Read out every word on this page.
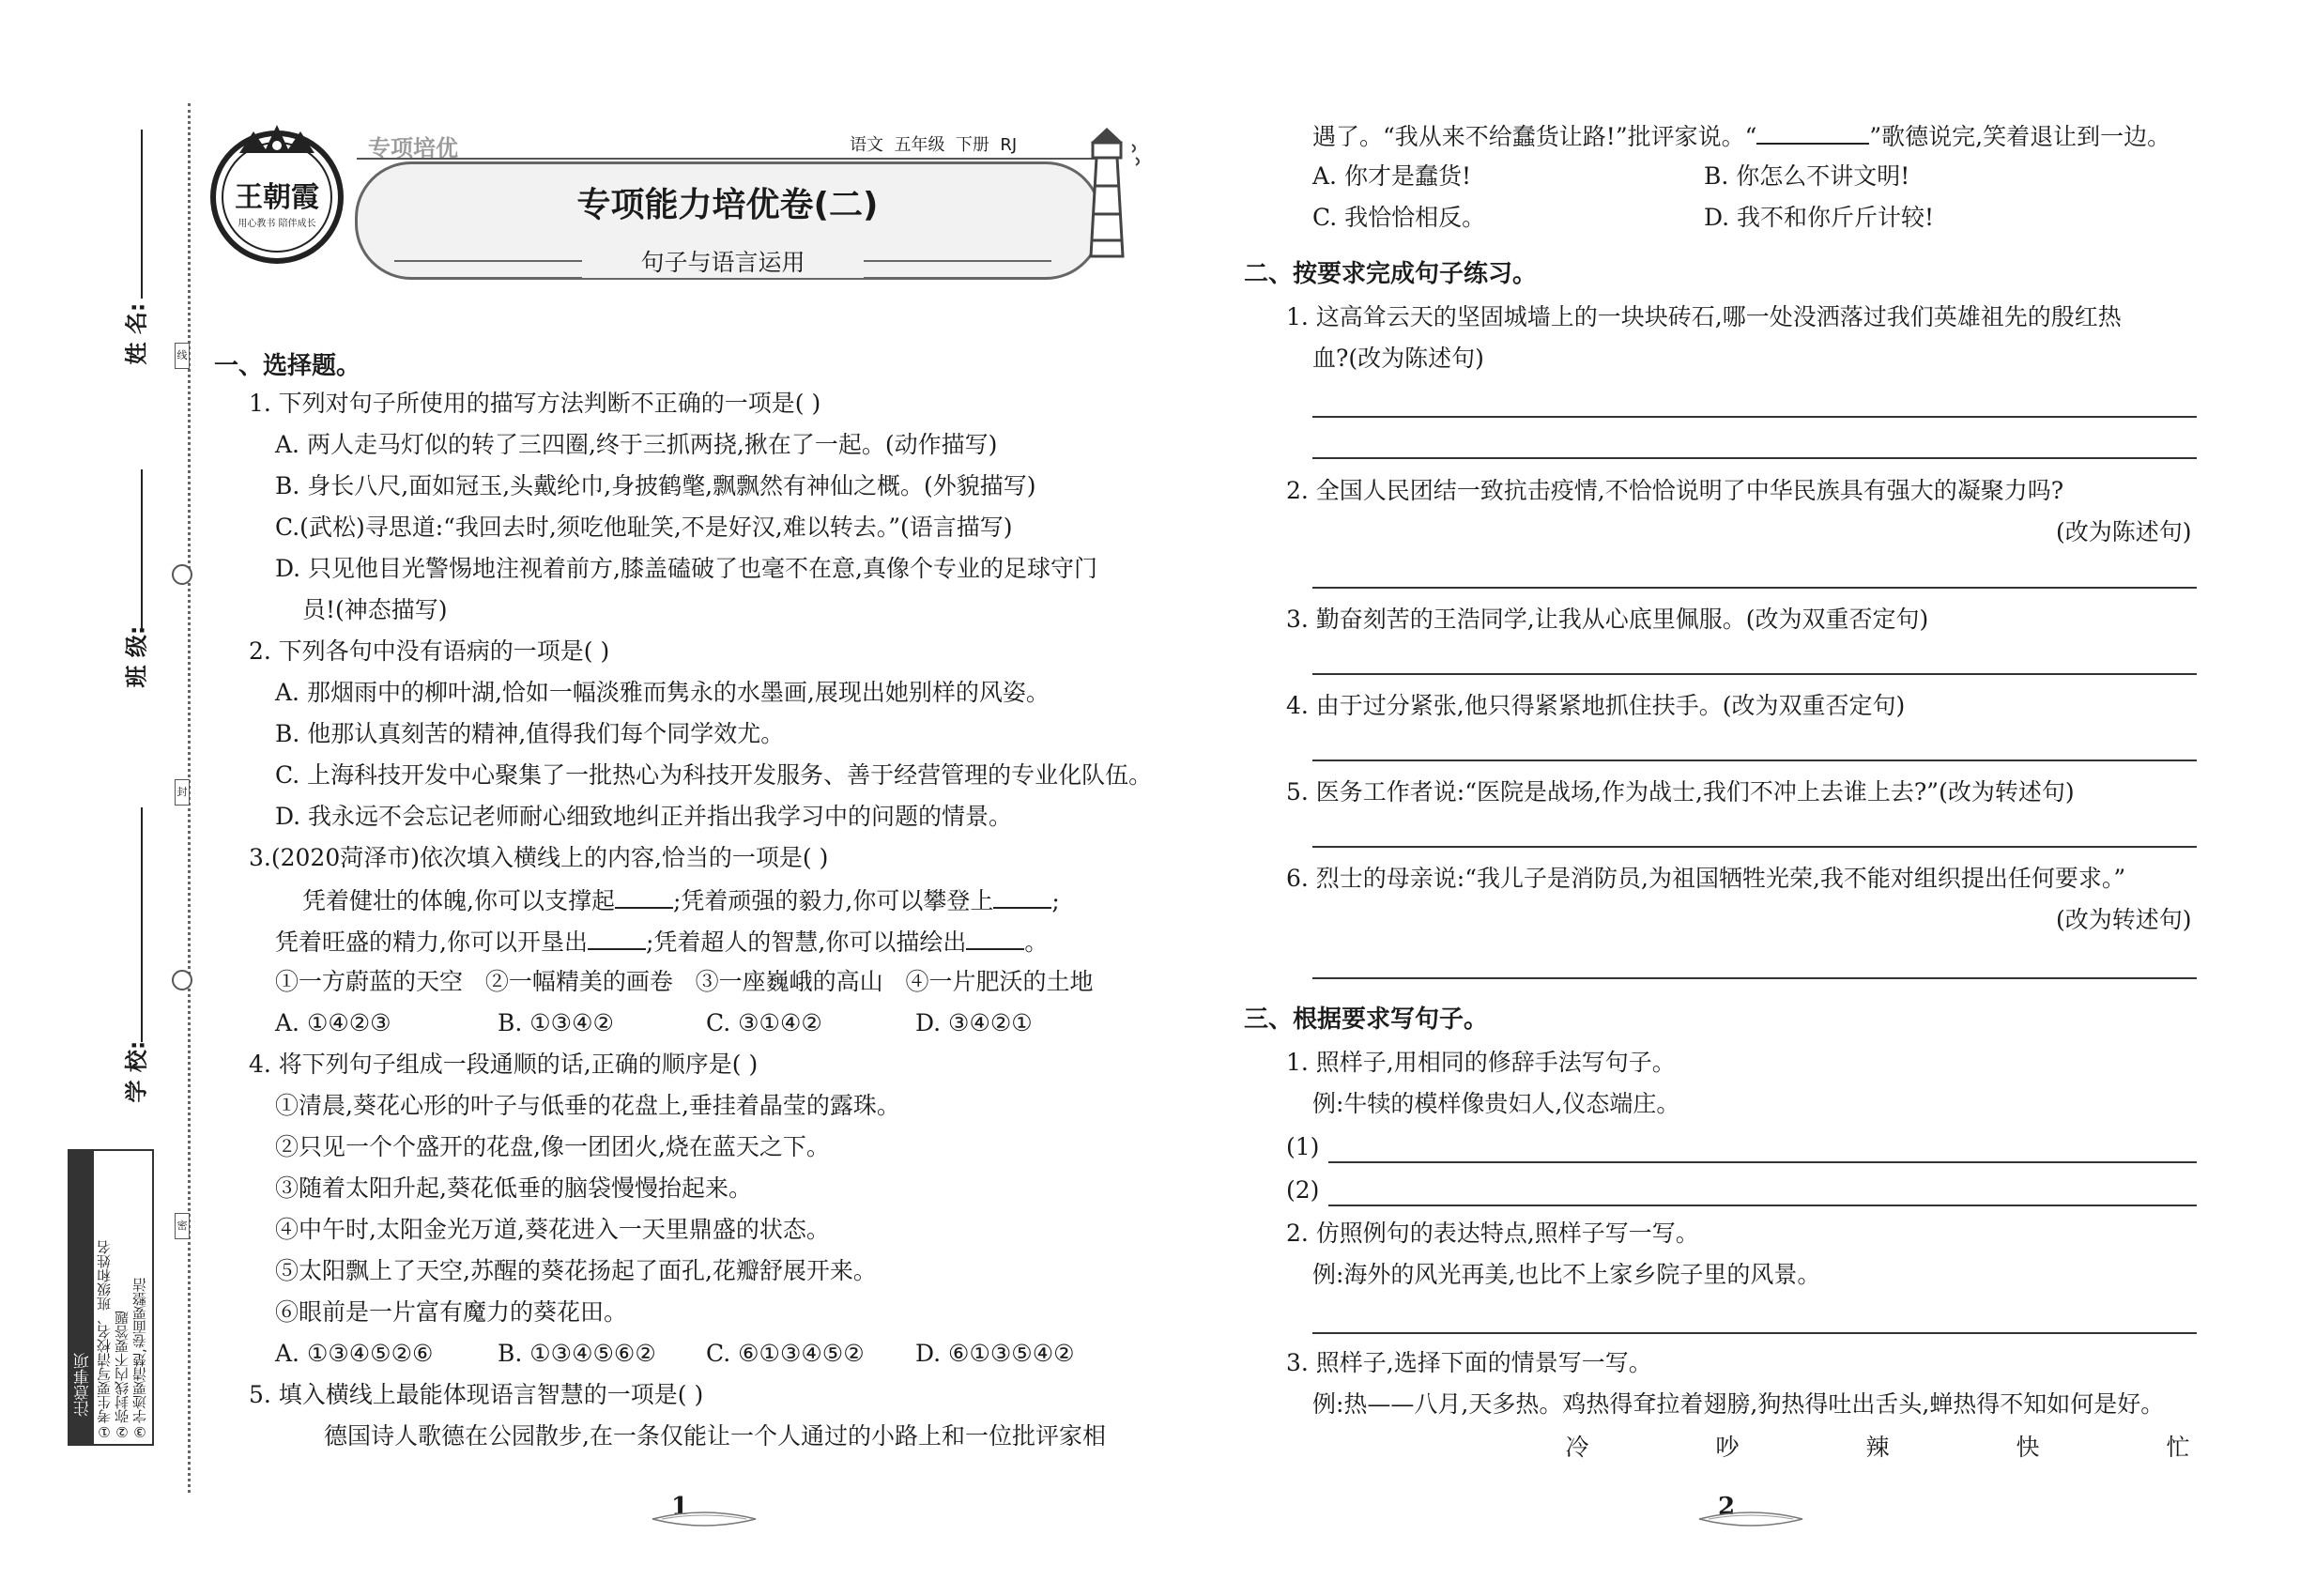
线
封
密
姓 名:
班 级:
学 校:
注意事项 ①考生要写清校名、班级和姓名 ②弥封线内不要答题 ③字迹要清楚,卷面要整洁
王朝霞
用心教书 陪伴成长
专项培优	语文  五年级  下册  RJ
专项能力培优卷(二)
句子与语言运用
一、选择题。
1. 下列对句子所使用的描写方法判断不正确的一项是( )
A. 两人走马灯似的转了三四圈,终于三抓两挠,揪在了一起。(动作描写)
B. 身长八尺,面如冠玉,头戴纶巾,身披鹤氅,飘飘然有神仙之概。(外貌描写)
C.(武松)寻思道:“我回去时,须吃他耻笑,不是好汉,难以转去。”(语言描写)
D. 只见他目光警惕地注视着前方,膝盖磕破了也毫不在意,真像个专业的足球守门
员!(神态描写)
2. 下列各句中没有语病的一项是( )
A. 那烟雨中的柳叶湖,恰如一幅淡雅而隽永的水墨画,展现出她别样的风姿。
B. 他那认真刻苦的精神,值得我们每个同学效尤。
C. 上海科技开发中心聚集了一批热心为科技开发服务、善于经营管理的专业化队伍。
D. 我永远不会忘记老师耐心细致地纠正并指出我学习中的问题的情景。
3.(2020菏泽市)依次填入横线上的内容,恰当的一项是( )
凭着健壮的体魄,你可以支撑起 ;凭着顽强的毅力,你可以攀登上 ;
凭着旺盛的精力,你可以开垦出 ;凭着超人的智慧,你可以描绘出 。
①一方蔚蓝的天空   ②一幅精美的画卷   ③一座巍峨的高山   ④一片肥沃的土地
A. ①④②③	B. ①③④②	C. ③①④②	D. ③④②①
4. 将下列句子组成一段通顺的话,正确的顺序是( )
①清晨,葵花心形的叶子与低垂的花盘上,垂挂着晶莹的露珠。
②只见一个个盛开的花盘,像一团团火,烧在蓝天之下。
③随着太阳升起,葵花低垂的脑袋慢慢抬起来。
④中午时,太阳金光万道,葵花进入一天里鼎盛的状态。
⑤太阳飘上了天空,苏醒的葵花扬起了面孔,花瓣舒展开来。
⑥眼前是一片富有魔力的葵花田。
A. ①③④⑤②⑥	B. ①③④⑤⑥② C. ⑥①③④⑤② D. ⑥①③⑤④②
5. 填入横线上最能体现语言智慧的一项是( )
德国诗人歌德在公园散步,在一条仅能让一个人通过的小路上和一位批评家相
1
遇了。“我从来不给蠢货让路!”批评家说。“	”歌德说完,笑着退让到一边。
A. 你才是蠢货!	B. 你怎么不讲文明!
C. 我恰恰相反。	D. 我不和你斤斤计较!
二、按要求完成句子练习。
1. 这高耸云天的坚固城墙上的一块块砖石,哪一处没洒落过我们英雄祖先的殷红热
血?(改为陈述句)
2. 全国人民团结一致抗击疫情,不恰恰说明了中华民族具有强大的凝聚力吗?
(改为陈述句)
3. 勤奋刻苦的王浩同学,让我从心底里佩服。(改为双重否定句)
4. 由于过分紧张,他只得紧紧地抓住扶手。(改为双重否定句)
5. 医务工作者说:“医院是战场,作为战士,我们不冲上去谁上去?”(改为转述句)
6. 烈士的母亲说:“我儿子是消防员,为祖国牺牲光荣,我不能对组织提出任何要求。”
(改为转述句)
三、根据要求写句子。
1. 照样子,用相同的修辞手法写句子。
例:牛犊的模样像贵妇人,仪态端庄。
(1)
(2)
2. 仿照例句的表达特点,照样子写一写。
例:海外的风光再美,也比不上家乡院子里的风景。
3. 照样子,选择下面的情景写一写。
例:热——八月,天多热。鸡热得耷拉着翅膀,狗热得吐出舌头,蝉热得不知如何是好。
冷	吵	辣	快	忙
2
